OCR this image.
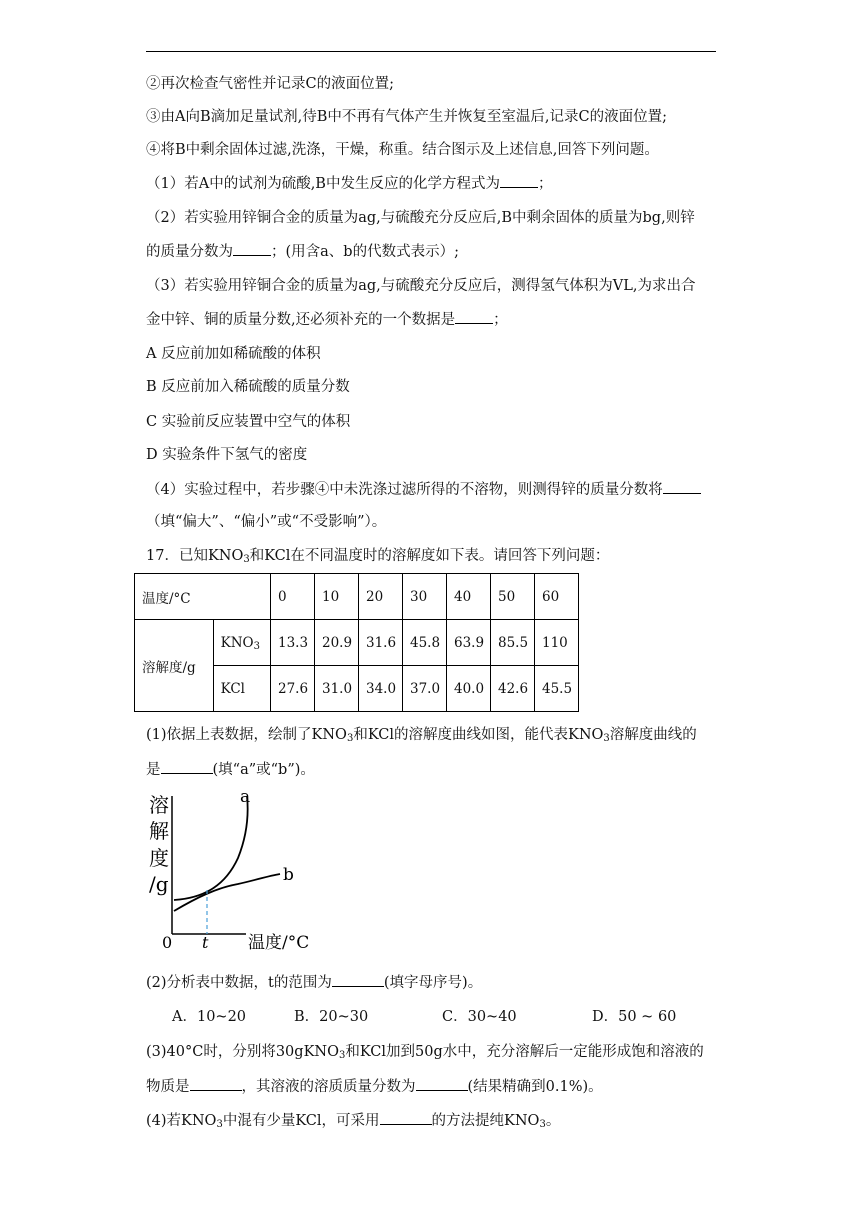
②再次检查气密性并记录C的液面位置;
③由A向B滴加足量试剂,待B中不再有气体产生并恢复至室温后,记录C的液面位置;
④将B中剩余固体过滤,洗涤，干燥，称重。结合图示及上述信息,回答下列问题。
（1）若A中的试剂为硫酸,B中发生反应的化学方程式为	；
（2）若实验用锌铜合金的质量为ag,与硫酸充分反应后,B中剩余固体的质量为bg,则锌
的质量分数为	；(用含a、b的代数式表示）;
（3）若实验用锌铜合金的质量为ag,与硫酸充分反应后，测得氢气体积为VL,为求出合
金中锌、铜的质量分数,还必须补充的一个数据是	；
A 反应前加如稀硫酸的体积
B 反应前加入稀硫酸的质量分数
C 实验前反应装置中空气的体积
D 实验条件下氢气的密度
（4）实验过程中，若步骤④中未洗涤过滤所得的不溶物，则测得锌的质量分数将
（填“偏大”、“偏小”或“不受影响”）。
17．已知$KNO_3$和KCl在不同温度时的溶解度如下表。请回答下列问题：
温度/°C		0	10	20	30	40	50	60
溶解度/g	$KNO_3$	13.3	20.9	31.6	45.8	63.9	85.5	110
	KCl	27.6	31.0	34.0	37.0	40.0	42.6	45.5
(1)依据上表数据，绘制了$KNO_3$和KCl的溶解度曲线如图，能代表$KNO_3$溶解度曲线的
是	(填“a”或“b”)。
溶
解
度
/g
a
b
0 t 温度/°C
(2)分析表中数据，t的范围为	(填字母序号)。
A．10~20	B．20~30	C．30~40	D．50 ~ 60
(3)40°C时，分别将30gKNO$_3$和KCl加到50g水中，充分溶解后一定能形成饱和溶液的
物质是	，其溶液的溶质质量分数为	(结果精确到0.1%)。
(4)若$KNO_3$中混有少量KCl，可采用	的方法提纯$KNO_3$。
